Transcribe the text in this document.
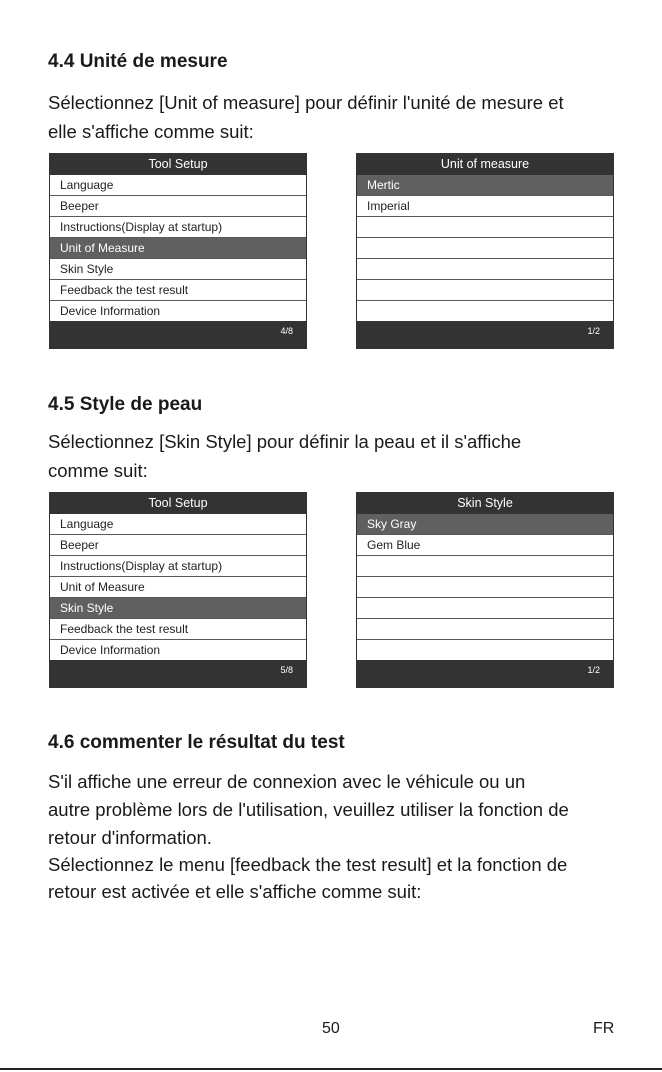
4.4 Unité de mesure

Sélectionnez [Unit of measure] pour définir l'unité de mesure et

elle s'affiche comme suit:

Tool Setup
Language
Beeper
Instructions(Display at startup)
Unit of Measure
Skin Style
Feedback the test result
Device Information
4/8
Unit of measure
Mertic
Imperial
1/2
4.5 Style de peau

Sélectionnez [Skin Style] pour définir la peau et il s'affiche

comme suit:

Tool Setup
Language
Beeper
Instructions(Display at startup)
Unit of Measure
Skin Style
Feedback the test result
Device Information
5/8
Skin Style
Sky Gray
Gem Blue
1/2
4.6 commenter le résultat du test

S'il affiche une erreur de connexion avec le véhicule ou un

autre problème lors de l'utilisation, veuillez utiliser la fonction de

retour d'information.

Sélectionnez le menu [feedback the test result] et la fonction de

retour est activée et elle s'affiche comme suit:

50	FR
